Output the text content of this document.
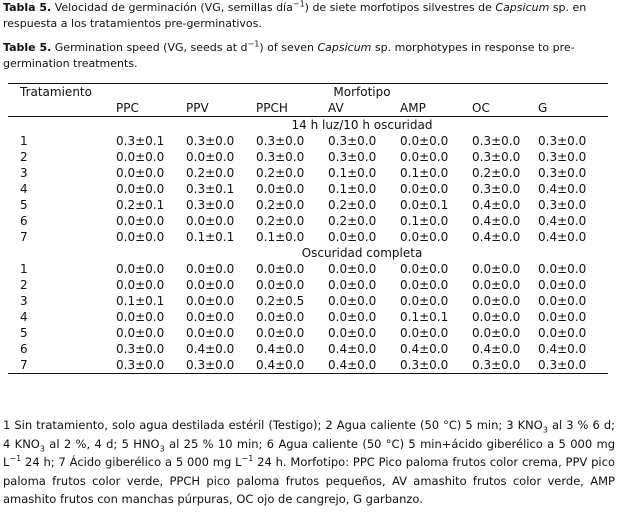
Tabla 5. Velocidad de germinación (VG, semillas día$^{-1}$) de siete morfotipos silvestres de Capsicum sp. en respuesta a los tratamientos pre-germinativos.

Table 5. Germination speed (VG, seeds at $d^{-1}$) of seven Capsicum sp. morphotypes in response to pre-germination treatments.

Tratamiento	Morfotipo						
	PPC	PPV	PPCH	AV	AMP	OC	G
	14 h luz/10 h oscuridad						
1	0.3±0.1	0.3±0.0	0.3±0.0	0.3±0.0	0.0±0.0	0.3±0.0	0.3±0.0
2	0.0±0.0	0.0±0.0	0.3±0.0	0.3±0.0	0.0±0.0	0.3±0.0	0.3±0.0
3	0.0±0.0	0.2±0.0	0.2±0.0	0.1±0.0	0.1±0.0	0.2±0.0	0.3±0.0
4	0.0±0.0	0.3±0.1	0.0±0.0	0.1±0.0	0.0±0.0	0.3±0.0	0.4±0.0
5	0.2±0.1	0.3±0.0	0.2±0.0	0.2±0.0	0.0±0.1	0.4±0.0	0.3±0.0
6	0.0±0.0	0.0±0.0	0.2±0.0	0.2±0.0	0.1±0.0	0.4±0.0	0.4±0.0
7	0.0±0.0	0.1±0.1	0.1±0.0	0.0±0.0	0.0±0.0	0.4±0.0	0.4±0.0
	Oscuridad completa						
1	0.0±0.0	0.0±0.0	0.0±0.0	0.0±0.0	0.0±0.0	0.0±0.0	0.0±0.0
2	0.0±0.0	0.0±0.0	0.0±0.0	0.0±0.0	0.0±0.0	0.0±0.0	0.0±0.0
3	0.1±0.1	0.0±0.0	0.2±0.5	0.0±0.0	0.0±0.0	0.0±0.0	0.0±0.0
4	0.0±0.0	0.0±0.0	0.0±0.0	0.0±0.0	0.1±0.1	0.0±0.0	0.0±0.0
5	0.0±0.0	0.0±0.0	0.0±0.0	0.0±0.0	0.0±0.0	0.0±0.0	0.0±0.0
6	0.3±0.0	0.4±0.0	0.4±0.0	0.4±0.0	0.4±0.0	0.4±0.0	0.4±0.0
7	0.3±0.0	0.3±0.0	0.4±0.0	0.4±0.0	0.3±0.0	0.3±0.0	0.3±0.0
1 Sin tratamiento, solo agua destilada estéril (Testigo); 2 Agua caliente (50 °C) 5 min; 3 $KNO_3$ al 3 % 6 d; 4 $KNO_3$ al 2 %, 4 d; 5 $HNO_3$ al 25 % 10 min; 6 Agua caliente (50 °C) 5 min+ácido giberélico a 5 000 mg $L^{-1}$ 24 h; 7 Ácido giberélico a 5 000 mg $L^{-1}$ 24 h. Morfotipo: PPC Pico paloma frutos color crema, PPV pico paloma frutos color verde, PPCH pico paloma frutos pequeños, AV amashito frutos color verde, AMP amashito frutos con manchas púrpuras, OC ojo de cangrejo, G garbanzo.
